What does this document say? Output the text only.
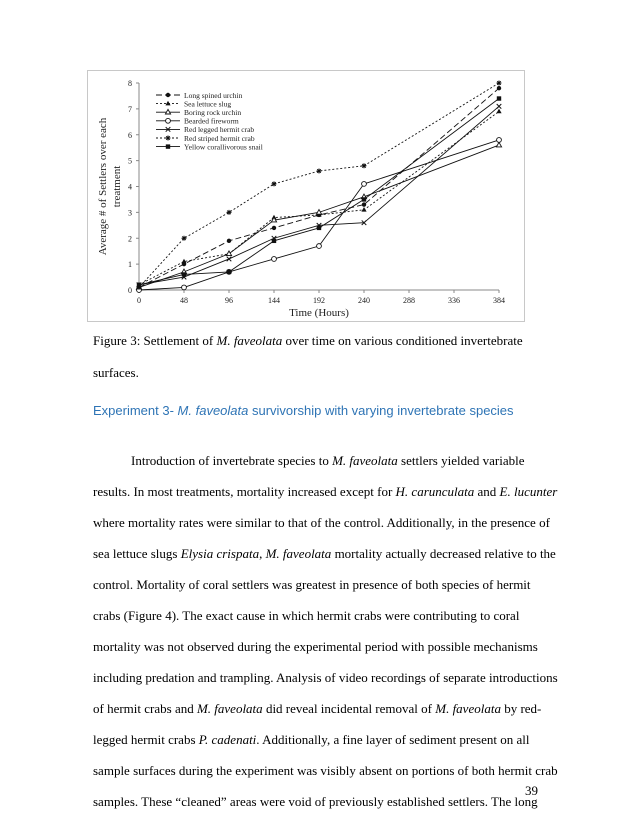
0
1
2
3
4
5
6
7
8
0	48	96	144	192	240	288	336	384
Time (Hours)
Average # of Settlers over each treatment
Long spined urchin
Sea lettuce slug
Boring rock urchin
Bearded fireworm
Red legged hermit crab
Red striped hermit crab
Yellow corallivorous snail
Figure 3: Settlement of M. faveolata over time on various conditioned invertebrate
surfaces.
Experiment 3- M. faveolata survivorship with varying invertebrate species
Introduction of invertebrate species to M. faveolata settlers yielded variable
results. In most treatments, mortality increased except for H. carunculata and E. lucunter
where mortality rates were similar to that of the control. Additionally, in the presence of
sea lettuce slugs Elysia crispata, M. faveolata mortality actually decreased relative to the
control. Mortality of coral settlers was greatest in presence of both species of hermit
crabs (Figure 4). The exact cause in which hermit crabs were contributing to coral
mortality was not observed during the experimental period with possible mechanisms
including predation and trampling. Analysis of video recordings of separate introductions
of hermit crabs and M. faveolata did reveal incidental removal of M. faveolata by red-
legged hermit crabs P. cadenati. Additionally, a fine layer of sediment present on all
sample surfaces during the experiment was visibly absent on portions of both hermit crab
samples. These “cleaned” areas were void of previously established settlers. The long
39
